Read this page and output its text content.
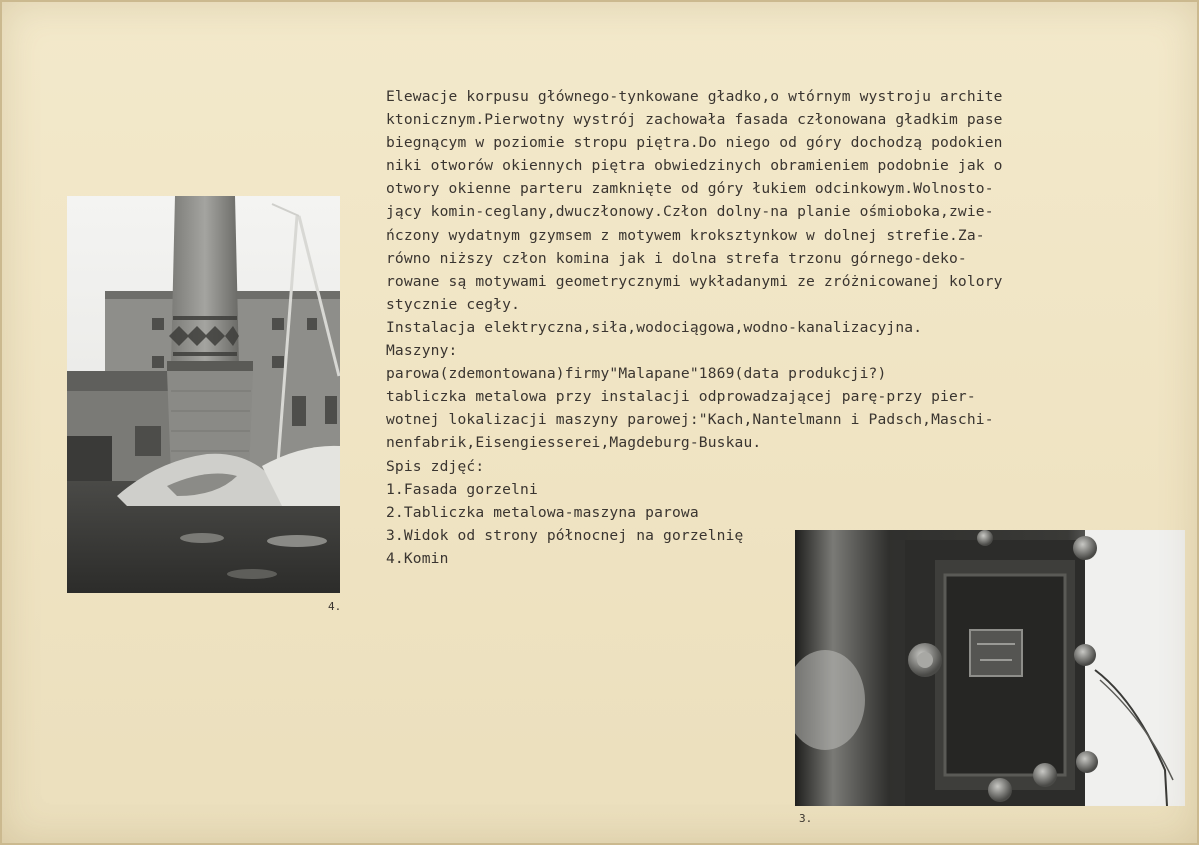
4.
Elewacje korpusu głównego-tynkowane gładko,o wtórnym wystroju archite
ktonicznym.Pierwotny wystrój zachowała fasada członowana gładkim pase
biegnącym w poziomie stropu piętra.Do niego od góry dochodzą podokien
niki otworów okiennych piętra obwiedzinych obramieniem podobnie jak o
otwory okienne parteru zamknięte od góry łukiem odcinkowym.Wolnosto-
jący komin-ceglany,dwuczłonowy.Człon dolny-na planie ośmioboka,zwie-
ńczony wydatnym gzymsem z motywem kroksztynkow w dolnej strefie.Za-
równo niższy człon komina jak i dolna strefa trzonu górnego-deko-
rowane są motywami geometrycznymi wykładanymi ze zróżnicowanej kolory
stycznie cegły.
Instalacja elektryczna,siła,wodociągowa,wodno-kanalizacyjna.
Maszyny:
parowa(zdemontowana)firmy"Malapane"1869(data produkcji?)
tabliczka metalowa przy instalacji odprowadzającej parę-przy pier-
wotnej lokalizacji maszyny parowej:"Kach,Nantelmann i Padsch,Maschi-
nenfabrik,Eisengiesserei,Magdeburg-Buskau.
Spis zdjęć:
1.Fasada gorzelni
2.Tabliczka metalowa-maszyna parowa
3.Widok od strony północnej na gorzelnię
4.Komin
3.
